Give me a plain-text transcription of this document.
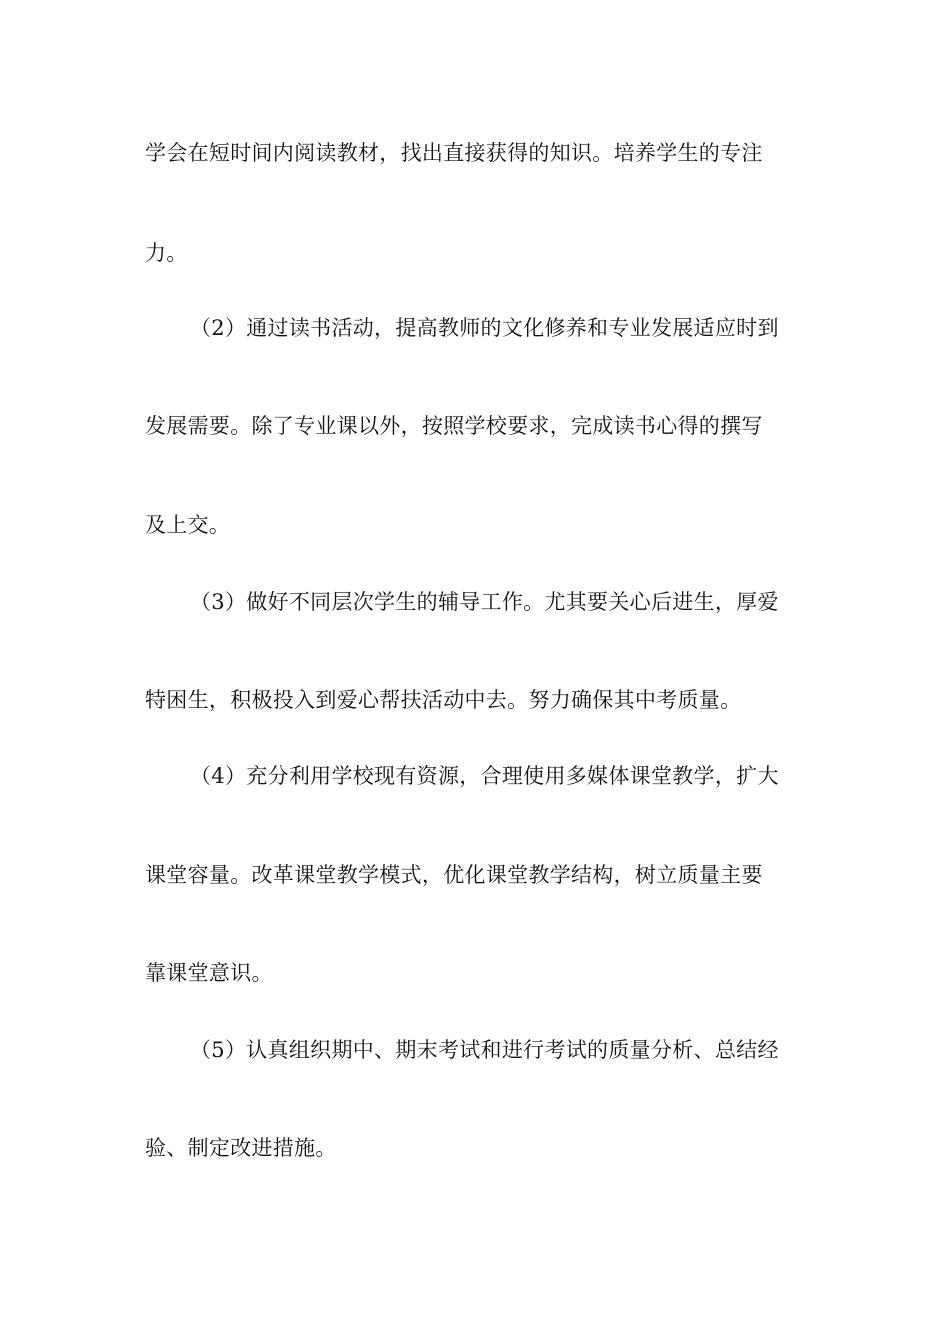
学会在短时间内阅读教材，找出直接获得的知识。培养学生的专注
力。
（2）通过读书活动，提高教师的文化修养和专业发展适应时到
发展需要。除了专业课以外，按照学校要求，完成读书心得的撰写
及上交。
（3）做好不同层次学生的辅导工作。尤其要关心后进生，厚爱
特困生，积极投入到爱心帮扶活动中去。努力确保其中考质量。
（4）充分利用学校现有资源，合理使用多媒体课堂教学，扩大
课堂容量。改革课堂教学模式，优化课堂教学结构，树立质量主要
靠课堂意识。
（5）认真组织期中、期末考试和进行考试的质量分析、总结经
验、制定改进措施。
